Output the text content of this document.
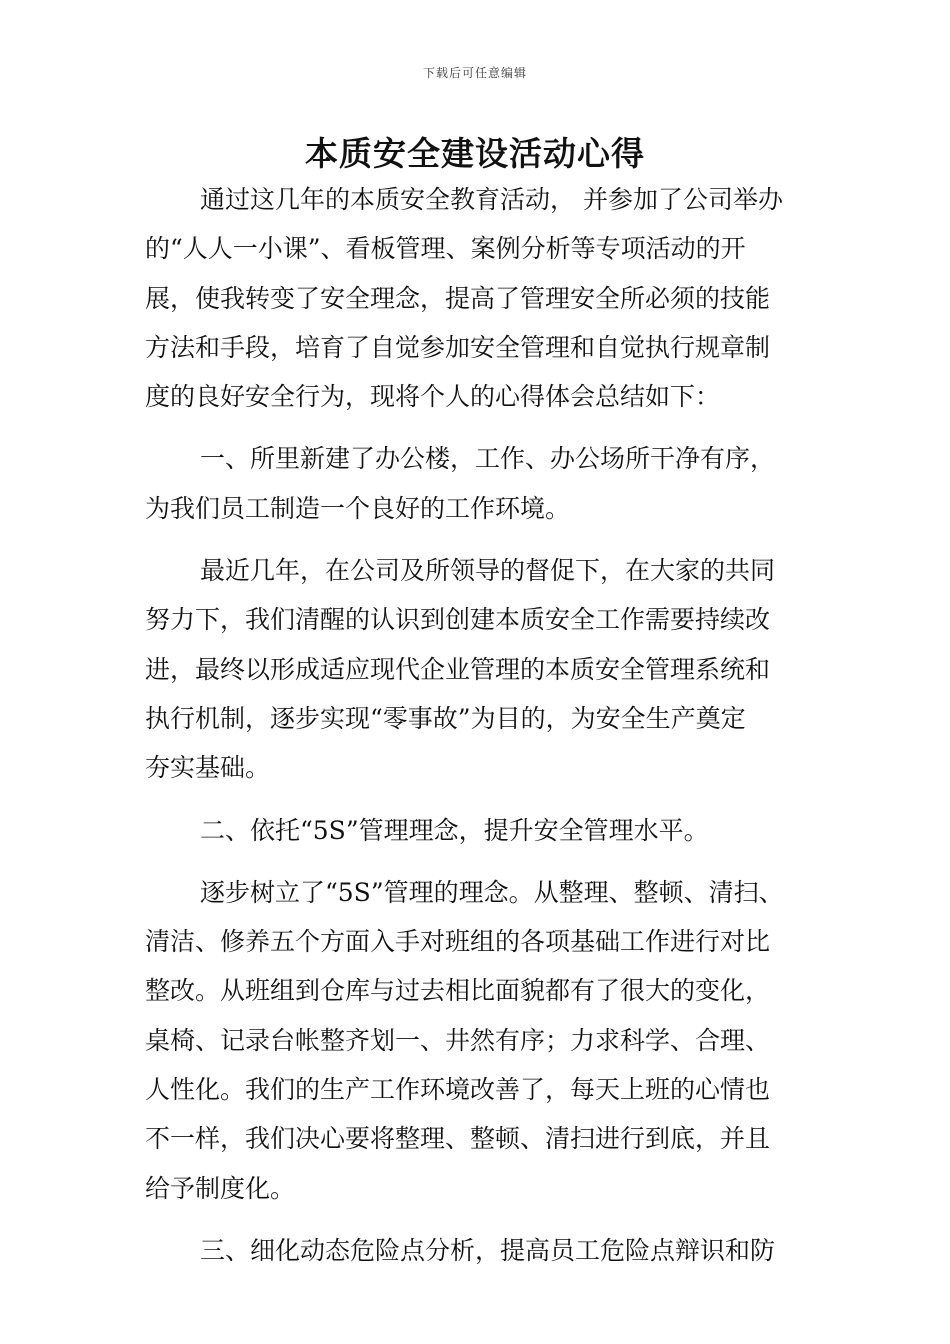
下载后可任意编辑
本质安全建设活动心得
通过这几年的本质安全教育活动， 并参加了公司举办
的“人人一小课”、看板管理、案例分析等专项活动的开
展，使我转变了安全理念，提高了管理安全所必须的技能
方法和手段，培育了自觉参加安全管理和自觉执行规章制
度的良好安全行为，现将个人的心得体会总结如下：
一、所里新建了办公楼，工作、办公场所干净有序，
为我们员工制造一个良好的工作环境。
最近几年，在公司及所领导的督促下，在大家的共同
努力下，我们清醒的认识到创建本质安全工作需要持续改
进，最终以形成适应现代企业管理的本质安全管理系统和
执行机制，逐步实现“零事故”为目的，为安全生产奠定
夯实基础。
二、依托“5S”管理理念，提升安全管理水平。
逐步树立了“5S”管理的理念。从整理、整顿、清扫、
清洁、修养五个方面入手对班组的各项基础工作进行对比
整改。从班组到仓库与过去相比面貌都有了很大的变化，
桌椅、记录台帐整齐划一、井然有序；力求科学、合理、
人性化。我们的生产工作环境改善了，每天上班的心情也
不一样，我们决心要将整理、整顿、清扫进行到底，并且
给予制度化。
三、细化动态危险点分析，提高员工危险点辩识和防
